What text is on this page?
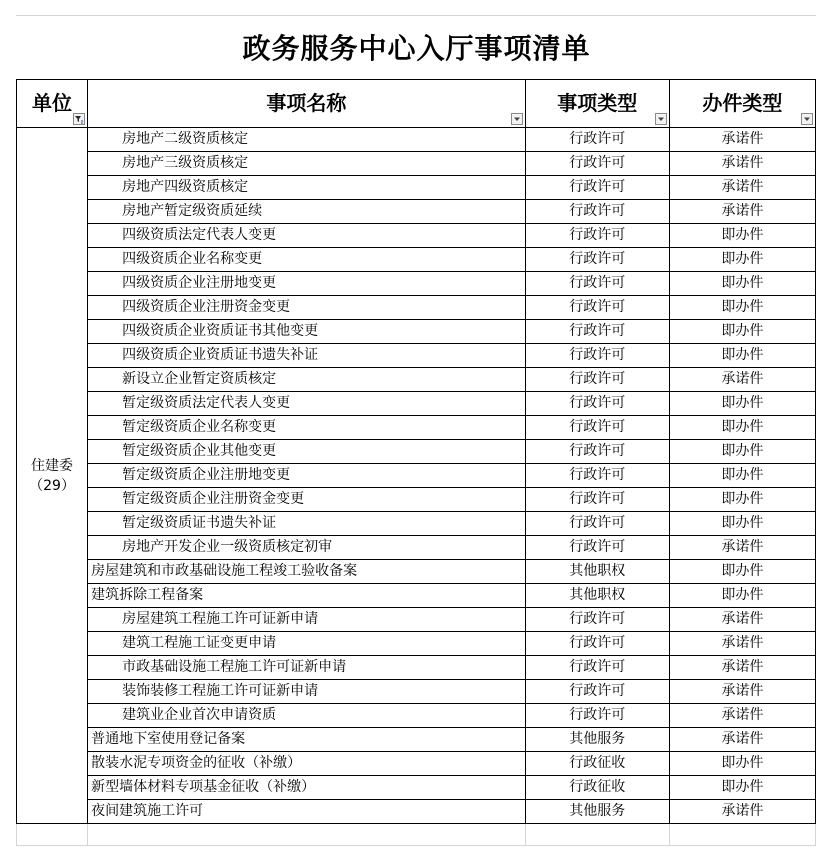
政务服务中心入厅事项清单
单位	事项名称	事项类型	办件类型

住建委
（29）	房地产二级资质核定	行政许可	承诺件
	房地产三级资质核定	行政许可	承诺件
	房地产四级资质核定	行政许可	承诺件
	房地产暂定级资质延续	行政许可	承诺件
	四级资质法定代表人变更	行政许可	即办件
	四级资质企业名称变更	行政许可	即办件
	四级资质企业注册地变更	行政许可	即办件
	四级资质企业注册资金变更	行政许可	即办件
	四级资质企业资质证书其他变更	行政许可	即办件
	四级资质企业资质证书遗失补证	行政许可	即办件
	新设立企业暂定资质核定	行政许可	承诺件
	暂定级资质法定代表人变更	行政许可	即办件
	暂定级资质企业名称变更	行政许可	即办件
	暂定级资质企业其他变更	行政许可	即办件
	暂定级资质企业注册地变更	行政许可	即办件
	暂定级资质企业注册资金变更	行政许可	即办件
	暂定级资质证书遗失补证	行政许可	即办件
	房地产开发企业一级资质核定初审	行政许可	承诺件
	房屋建筑和市政基础设施工程竣工验收备案	其他职权	即办件
	建筑拆除工程备案	其他职权	即办件
	房屋建筑工程施工许可证新申请	行政许可	承诺件
	建筑工程施工证变更申请	行政许可	承诺件
	市政基础设施工程施工许可证新申请	行政许可	承诺件
	装饰装修工程施工许可证新申请	行政许可	承诺件
	建筑业企业首次申请资质	行政许可	承诺件
	普通地下室使用登记备案	其他服务	承诺件
	散装水泥专项资金的征收（补缴）	行政征收	即办件
	新型墙体材料专项基金征收（补缴）	行政征收	即办件
	夜间建筑施工许可	其他服务	承诺件
